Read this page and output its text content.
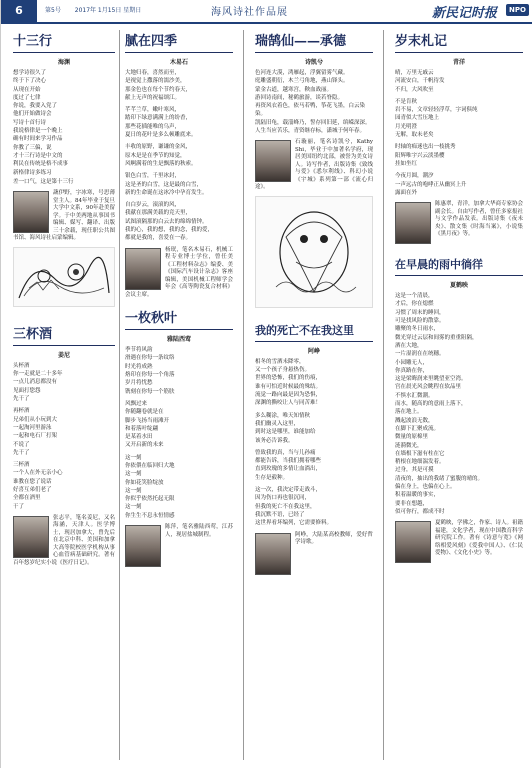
6	第5号 2017年 1月15日 星期日	海风诗社作品展	新民记时报	NPO
十三行
海渊
想学诗很久了
终于下了决心
从现在开始
度过了七律
你说，我要入党了
他们开始做诗会
写诗十首行诗
我说格律是一个晚上
确有时间来学习作品
你教了三偏，说
才十三行诗是中文的
利民在传统是格不成事
新格律诗多练习
差一口气，这是第十三行
蔬伊野，字冰寒，号思薄堂主人。84年毕业于复旦大学中文系，90年赴美留学。于中美两地从事国书编辑、媒写、翻译、出版三十余载，现任职公共图书馆、海风诗社启蒙编辑。
三杯酒
姜尼
头杯酒
你一走就是二十多年
一点儿消息都没有
见面打您怨
先干了
再杯酒
兄弟们从小玩到大
一起淘河里游泳
一起和电石厂打架
不说了
先干了
三杯酒
一个人在外无亲小心
谁教在您了说话
好喜互弟们老了
全都在酒里
干了
张志平，笔名姜尼，又名海涵，天津人。医学博士，现居加拿大，曾先后在北京中科、美国和加拿大高等院校医学机构从事心血管病基础研究。著有百年悠岁纪实小说《医疗日记》。
腻在四季
木易石
大地归春，喜然而至，
是视觉上撒落的濡沙美，
那金色也在每个节约春天，
献上无声的祝福颂江。
芊芊兰草，嫩叶寒风，
踏印下绿意满满上的纷香，
那些花插能唯的乌声，
夏日的花叶是多么顿雕底来。
丰收的原野，谦谦的金风，
原木是是在季节的知觉，
风啊满着的生是飘落的秋索。
银色白雪，千里冰封，
这是圣的白雪，这是最的白雪，
新的生命诞在这冰冷中孕育发生。
自白岁云，滚滚的风，
我献在那满美载的竞天里，
试图滚隔那的白云去的绵绵情钟。
我的心，我的想，我的念，我的爱，
都就是我的，喜爱在一春。
杨珉，笔名木易石，机械工程专业博士学位，曾任美《工程材料杂志》编委、美《国际汽车设计杂志》客座编辑，美国机械工程师学会年会《高等陶瓷复合材料》会议主席。
一枚秋叶
雅陆西莺
季节将风韵
滑遇在你每一条纹络
时光将成熟
烙印在你每一个角落
岁月将忧愁
镌刻在你每一个筋肤
风飘过来
你随翻卷就是在
脚步飞扬当雨滩开
和着落叶绽翩
是某着水田
又开启新的未来
这一刻
你依偎在临回归大地
这一刻
你如花笑脸绽放
这一刻
你似乎依然托起无限
这一刻
你生生不息永恒情感
陈萍，笔名雅陆西莺，江苏人，现居盐城制程。
瑞鹄仙——承德
诗凯兮
色河连大漠，鸿雁起，浮翼留雾气藏。
庭雕盛朝衍，木兰弓角地，燕山锋头。
蒙金古道，越寒宫，鞅血战丽。
游回诗南间，秘鹤旅游，谈若脊隐。
再资风衣着色，依马若鸭，筝花飞墨，白云染染。
凯陆旧龟，载淄峰乃，誓存回旧延，缤嵘深深。
人生当应苦乐，青资继存标，潇城于何年春。
石璇丽，笔名诗凯兮，Kathy Shi，毕业于中加著名学府，现居美国纽约北部，被誉为美女诗人。诗写作者，出版诗集《致线与爱》《悉尔利线》、科幻小说《宇城》系列第一部《流心归途》。
我的死亡不在我这里
阿峥
相冬的雪洒未降零，
又一个孩子身悬热伤。
世界的恐怖，我们的伤痕，
谁有可怕近时候最的殊结。
流觉一路向最是因为恐惧，
深渊的撕咬让人与同苦难！
多么糊涂，唯天知情秋
我们幽灵入这里，
到时这是哪里，谁能加给
该务必告诉我。
曾致我的真，当与儿孙痛
都能告诉，当我们拥着哪些
直到玫瑰的多情让血淌出，
生存是毅种。
这一次，我决定带走战斗，
因为伤口再也很沉同，
但我的死亡不在我这里，
我沉默不语，已经了
这世界看坏编列，它需要修料。
阿峥，大陆某高校教师，爱好哲学诗歌。
岁末札记
青洋
晴，万里无戚云
河流安白，千帆待发
不归，大风吹至
不是肯秋
岩不易，文章轻轻浮草，字词俱纯
园青似大雪压地上
月光明澄
无解，取未老矣
时轴的痴迷也出一枝挑秀
阳辉唯宇兴云淡墨樱
挂如坐红
今夜月圆，潮汐
一声远古的咆哮正从幽冥上升
露面在外
陈惠翠，青洋，加拿大华商专家协会副会长。自由写作者，曾任多家报社与文学作品发表。出版诗集《夜未央》、散文集《时海当案》，小说集《黑月夜》等。
在早晨的雨中徜徉
夏鹤映
这是一个清晨，
才后，你在熄燃
习惯了周末的睡回，
可是找风险的散靠。
雕聚的冬日雨水，
微光穿过云层和间雾的重重阻隔，
洒在大地，
一片湿润在在统穗。
小园雕无人，
你真路在你，
这是梁晦润来里眺望亚空湾。
宫在晨光风会眺程在软品里
不惧水汇微潮。
而水，随高的的意雨上落下，
落在地上。
溅起波浪无数，
在脚下汇聚成流。
微量的原棉里
涟漪微光，
在墙根下滋有柱在它
稍根在地细湍发着。
过身，其是可摸
清夜的，抽出的我绪了蜜腹的晴的。
偏在身上，也偏在心上。
积着温暖的事实，
要非在想越，
似可你行，都成不时
夏鹤映，学佛之，作家、诗人。祖籍福建，文化学者，现在中国教育科学研究院工作。著有《诗意与宽》《网络相爱风刻》《爱我中国人》、《仁民爱物》、《文化小史》等。
